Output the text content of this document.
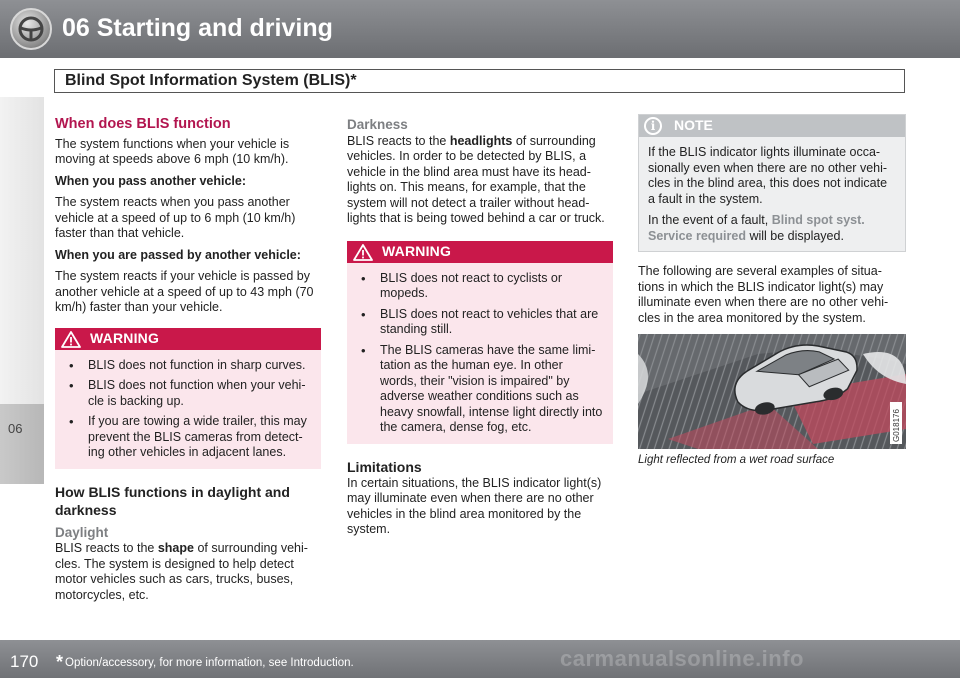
06 Starting and driving
Blind Spot Information System (BLIS)*
06
When does BLIS function

The system functions when your vehicle is moving at speeds above 6 mph (10 km/h).

When you pass another vehicle:

The system reacts when you pass another vehicle at a speed of up to 6 mph (10 km/h) faster than that vehicle.

When you are passed by another vehicle:

The system reacts if your vehicle is passed by another vehicle at a speed of up to 43 mph (70 km/h) faster than your vehicle.

WARNING
• BLIS does not function in sharp curves.
• BLIS does not function when your vehi-cle is backing up.
• If you are towing a wide trailer, this may prevent the BLIS cameras from detect-ing other vehicles in adjacent lanes.
How BLIS functions in daylight and darkness
Daylight

BLIS reacts to the shape of surrounding vehi-cles. The system is designed to help detect motor vehicles such as cars, trucks, buses, motorcycles, etc.

Darkness

BLIS reacts to the headlights of surrounding vehicles. In order to be detected by BLIS, a vehicle in the blind area must have its head-lights on. This means, for example, that the system will not detect a trailer without head-lights that is being towed behind a car or truck.

WARNING
• BLIS does not react to cyclists or mopeds.
• BLIS does not react to vehicles that are standing still.
• The BLIS cameras have the same limi-tation as the human eye. In other words, their "vision is impaired" by adverse weather conditions such as heavy snowfall, intense light directly into the camera, dense fog, etc.
Limitations

In certain situations, the BLIS indicator light(s) may illuminate even when there are no other vehicles in the blind area monitored by the system.

i	NOTE

If the BLIS indicator lights illuminate occa-sionally even when there are no other vehi-cles in the blind area, this does not indicate a fault in the system.

In the event of a fault, Blind spot syst. Service required will be displayed.

The following are several examples of situa-tions in which the BLIS indicator light(s) may illuminate even when there are no other vehi-cles in the area monitored by the system.

G018176

Light reflected from a wet road surface

170 * Option/accessory, for more information, see Introduction.	carmanualsonline.info
